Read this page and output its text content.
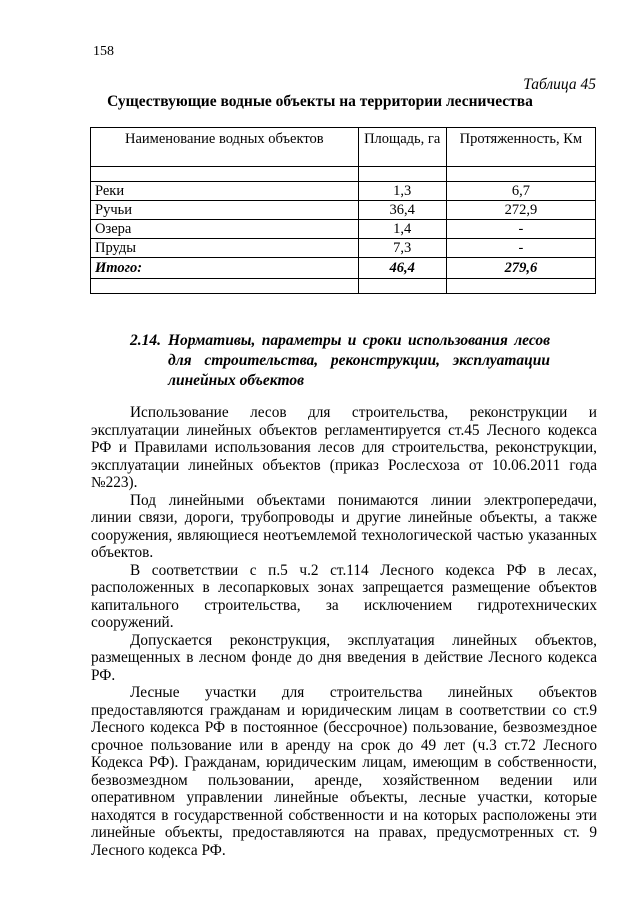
158
Таблица 45
Существующие водные объекты на территории лесничества
Наименование водных объектов	Площадь, га	Протяженность, Км

Реки	1,3	6,7
Ручьи	36,4	272,9
Озера	1,4	-
Пруды	7,3	-
Итого:	46,4	279,6

2.14. Нормативы, параметры и сроки использования лесов
для строительства, реконструкции, эксплуатации
линейных объектов

Использование лесов для строительства, реконструкции и эксплуатации линейных объектов регламентируется ст.45 Лесного кодекса РФ и Правилами использования лесов для строительства, реконструкции, эксплуатации линейных объектов (приказ Рослесхоза от 10.06.2011 года №223).

Под линейными объектами понимаются линии электропередачи, линии связи, дороги, трубопроводы и другие линейные объекты, а также сооружения, являющиеся неотъемлемой технологической частью указанных объектов.

В соответствии с п.5 ч.2 ст.114 Лесного кодекса РФ в лесах, расположенных в лесопарковых зонах запрещается размещение объектов капитального строительства, за исключением гидротехнических сооружений.

Допускается реконструкция, эксплуатация линейных объектов, размещенных в лесном фонде до дня введения в действие Лесного кодекса РФ.

Лесные участки для строительства линейных объектов предоставляются гражданам и юридическим лицам в соответствии со ст.9 Лесного кодекса РФ в постоянное (бессрочное) пользование, безвозмездное срочное пользование или в аренду на срок до 49 лет (ч.3 ст.72 Лесного Кодекса РФ). Гражданам, юридическим лицам, имеющим в собственности, безвозмездном пользовании, аренде, хозяйственном ведении или оперативном управлении линейные объекты, лесные участки, которые находятся в государственной собственности и на которых расположены эти линейные объекты, предоставляются на правах, предусмотренных ст. 9 Лесного кодекса РФ.
